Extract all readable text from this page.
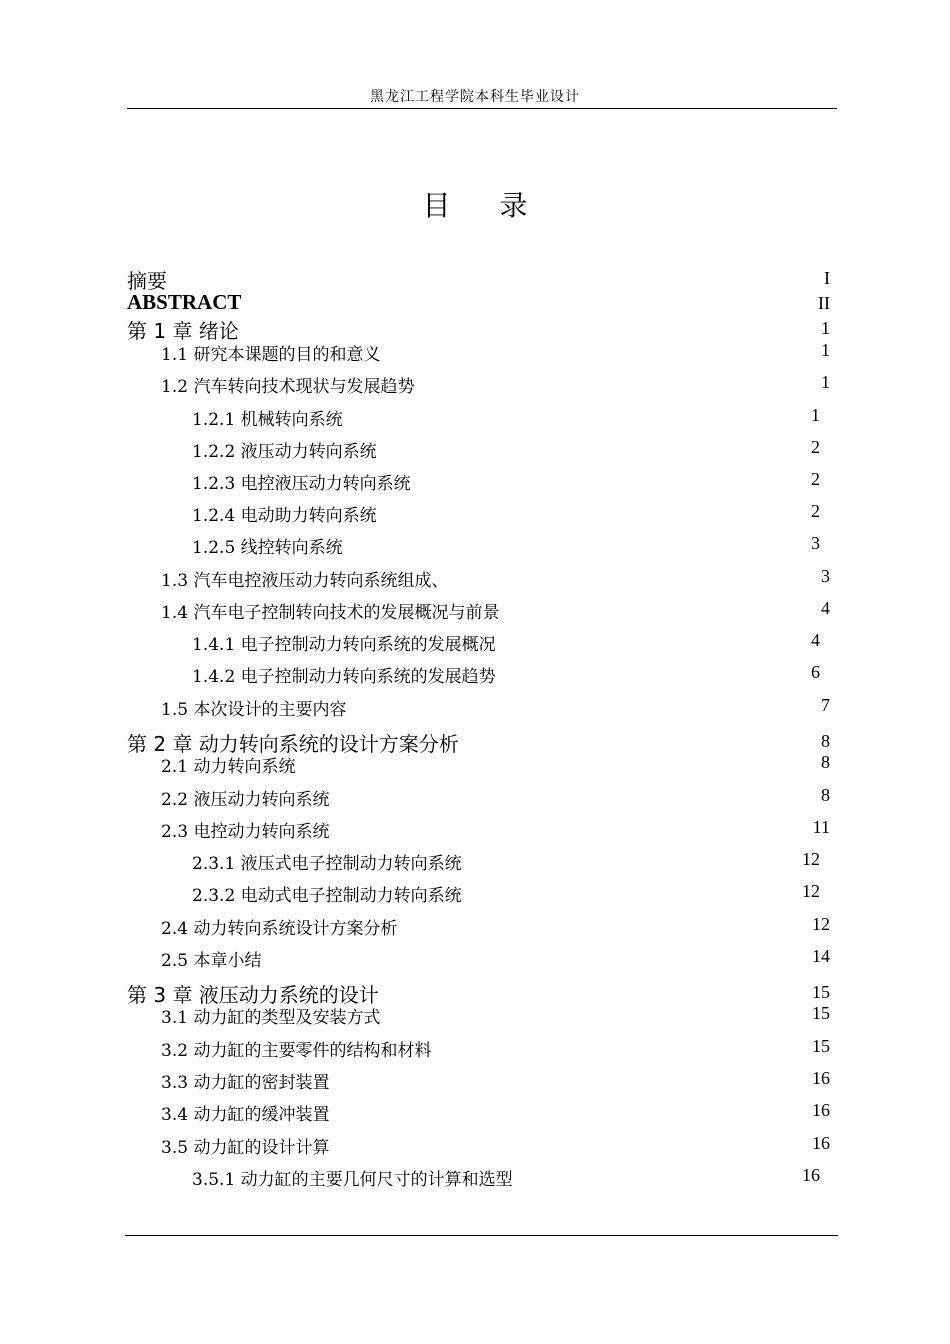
黑龙江工程学院本科生毕业设计
目 录
摘要	I
ABSTRACT	II
第 1 章 绪论	1
1.1 研究本课题的目的和意义	1
1.2 汽车转向技术现状与发展趋势	1
1.2.1 机械转向系统	1
1.2.2 液压动力转向系统	2
1.2.3 电控液压动力转向系统	2
1.2.4 电动助力转向系统	2
1.2.5 线控转向系统	3
1.3 汽车电控液压动力转向系统组成、	3
1.4 汽车电子控制转向技术的发展概况与前景	4
1.4.1 电子控制动力转向系统的发展概况	4
1.4.2 电子控制动力转向系统的发展趋势	6
1.5 本次设计的主要内容	7
第 2 章 动力转向系统的设计方案分析	8
2.1 动力转向系统	8
2.2 液压动力转向系统	8
2.3 电控动力转向系统	11
2.3.1 液压式电子控制动力转向系统	12
2.3.2 电动式电子控制动力转向系统	12
2.4 动力转向系统设计方案分析	12
2.5 本章小结	14
第 3 章 液压动力系统的设计	15
3.1 动力缸的类型及安装方式	15
3.2 动力缸的主要零件的结构和材料	15
3.3 动力缸的密封装置	16
3.4 动力缸的缓冲装置	16
3.5 动力缸的设计计算	16
3.5.1 动力缸的主要几何尺寸的计算和选型	16
